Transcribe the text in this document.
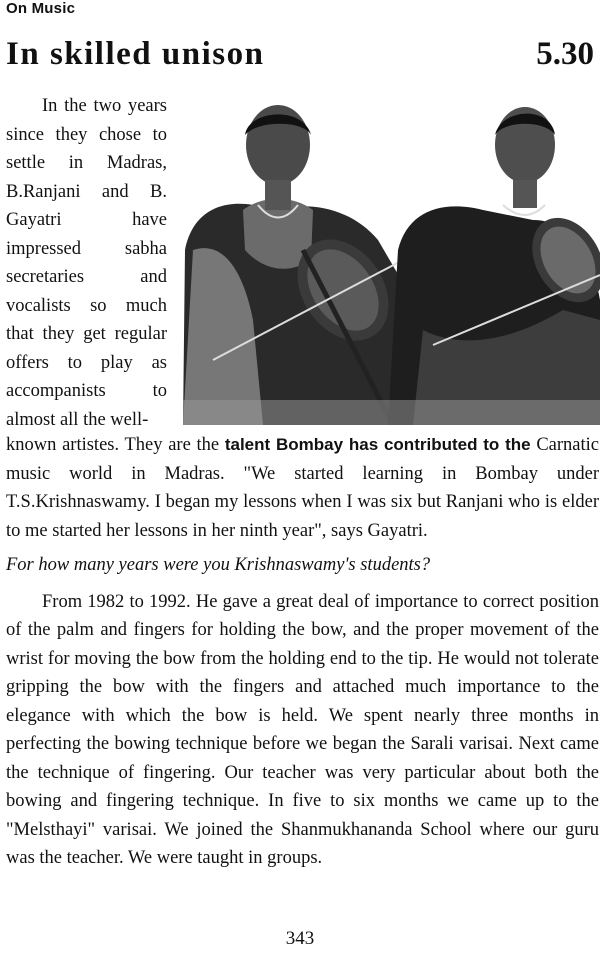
On Music
In skilled unison	5.30

In the two years since they chose to settle in Madras, B.Ranjani and B. Gayatri have impressed sabha secretaries and vocalists so much that they get regular offers to play as accompanists to almost all the well-

known artistes. They are the talent Bombay has contributed to the Carnatic music world in Madras. "We started learning in Bombay under T.S.Krishnaswamy. I began my lessons when I was six but Ranjani who is elder to me started her lessons in her ninth year", says Gayatri.

For how many years were you Krishnaswamy's students?

From 1982 to 1992. He gave a great deal of importance to correct position of the palm and fingers for holding the bow, and the proper movement of the wrist for moving the bow from the holding end to the tip. He would not tolerate gripping the bow with the fingers and attached much importance to the elegance with which the bow is held. We spent nearly three months in perfecting the bowing technique before we began the Sarali varisai. Next came the technique of fingering. Our teacher was very particular about both the bowing and fingering technique. In five to six months we came up to the "Melsthayi" varisai. We joined the Shanmukhananda School where our guru was the teacher. We were taught in groups.

343
